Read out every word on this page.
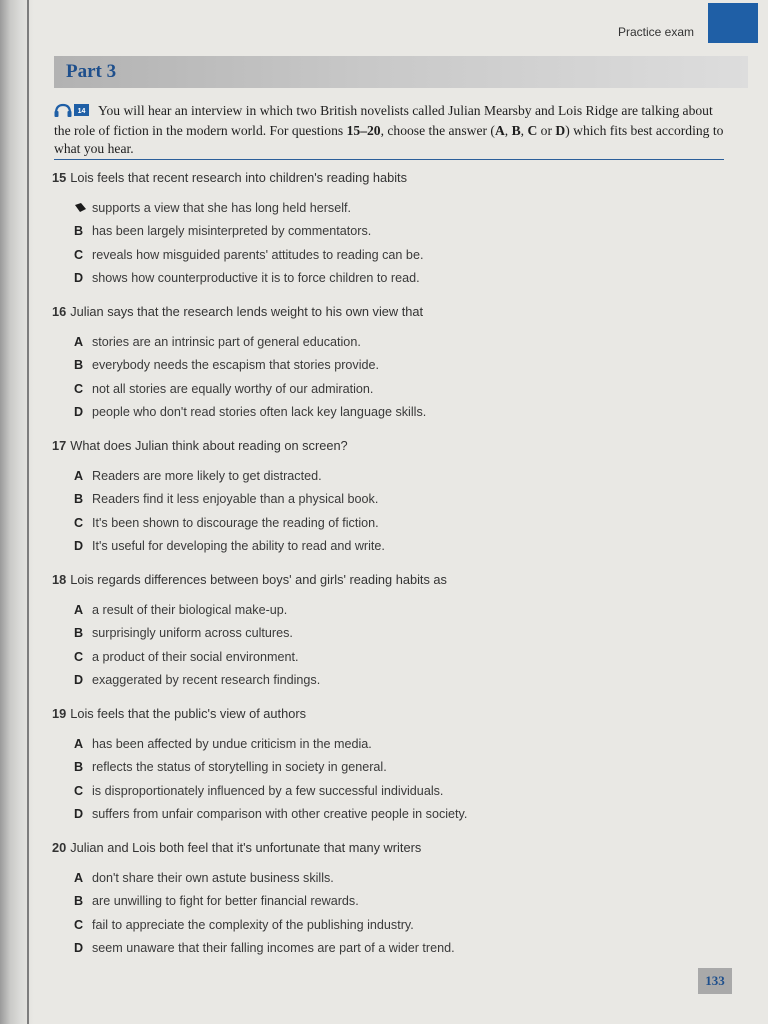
Practice exam
Part 3
14 You will hear an interview in which two British novelists called Julian Mearsby and Lois Ridge are talking about the role of fiction in the modern world. For questions 15–20, choose the answer (A, B, C or D) which fits best according to what you hear.
15 Lois feels that recent research into children's reading habits
supports a view that she has long held herself.
B has been largely misinterpreted by commentators.
C reveals how misguided parents' attitudes to reading can be.
D shows how counterproductive it is to force children to read.
16 Julian says that the research lends weight to his own view that
A stories are an intrinsic part of general education.
B everybody needs the escapism that stories provide.
C not all stories are equally worthy of our admiration.
D people who don't read stories often lack key language skills.
17 What does Julian think about reading on screen?
A Readers are more likely to get distracted.
B Readers find it less enjoyable than a physical book.
C It's been shown to discourage the reading of fiction.
D It's useful for developing the ability to read and write.
18 Lois regards differences between boys' and girls' reading habits as
A a result of their biological make-up.
B surprisingly uniform across cultures.
C a product of their social environment.
D exaggerated by recent research findings.
19 Lois feels that the public's view of authors
A has been affected by undue criticism in the media.
B reflects the status of storytelling in society in general.
C is disproportionately influenced by a few successful individuals.
D suffers from unfair comparison with other creative people in society.
20 Julian and Lois both feel that it's unfortunate that many writers
A don't share their own astute business skills.
B are unwilling to fight for better financial rewards.
C fail to appreciate the complexity of the publishing industry.
D seem unaware that their falling incomes are part of a wider trend.
133
